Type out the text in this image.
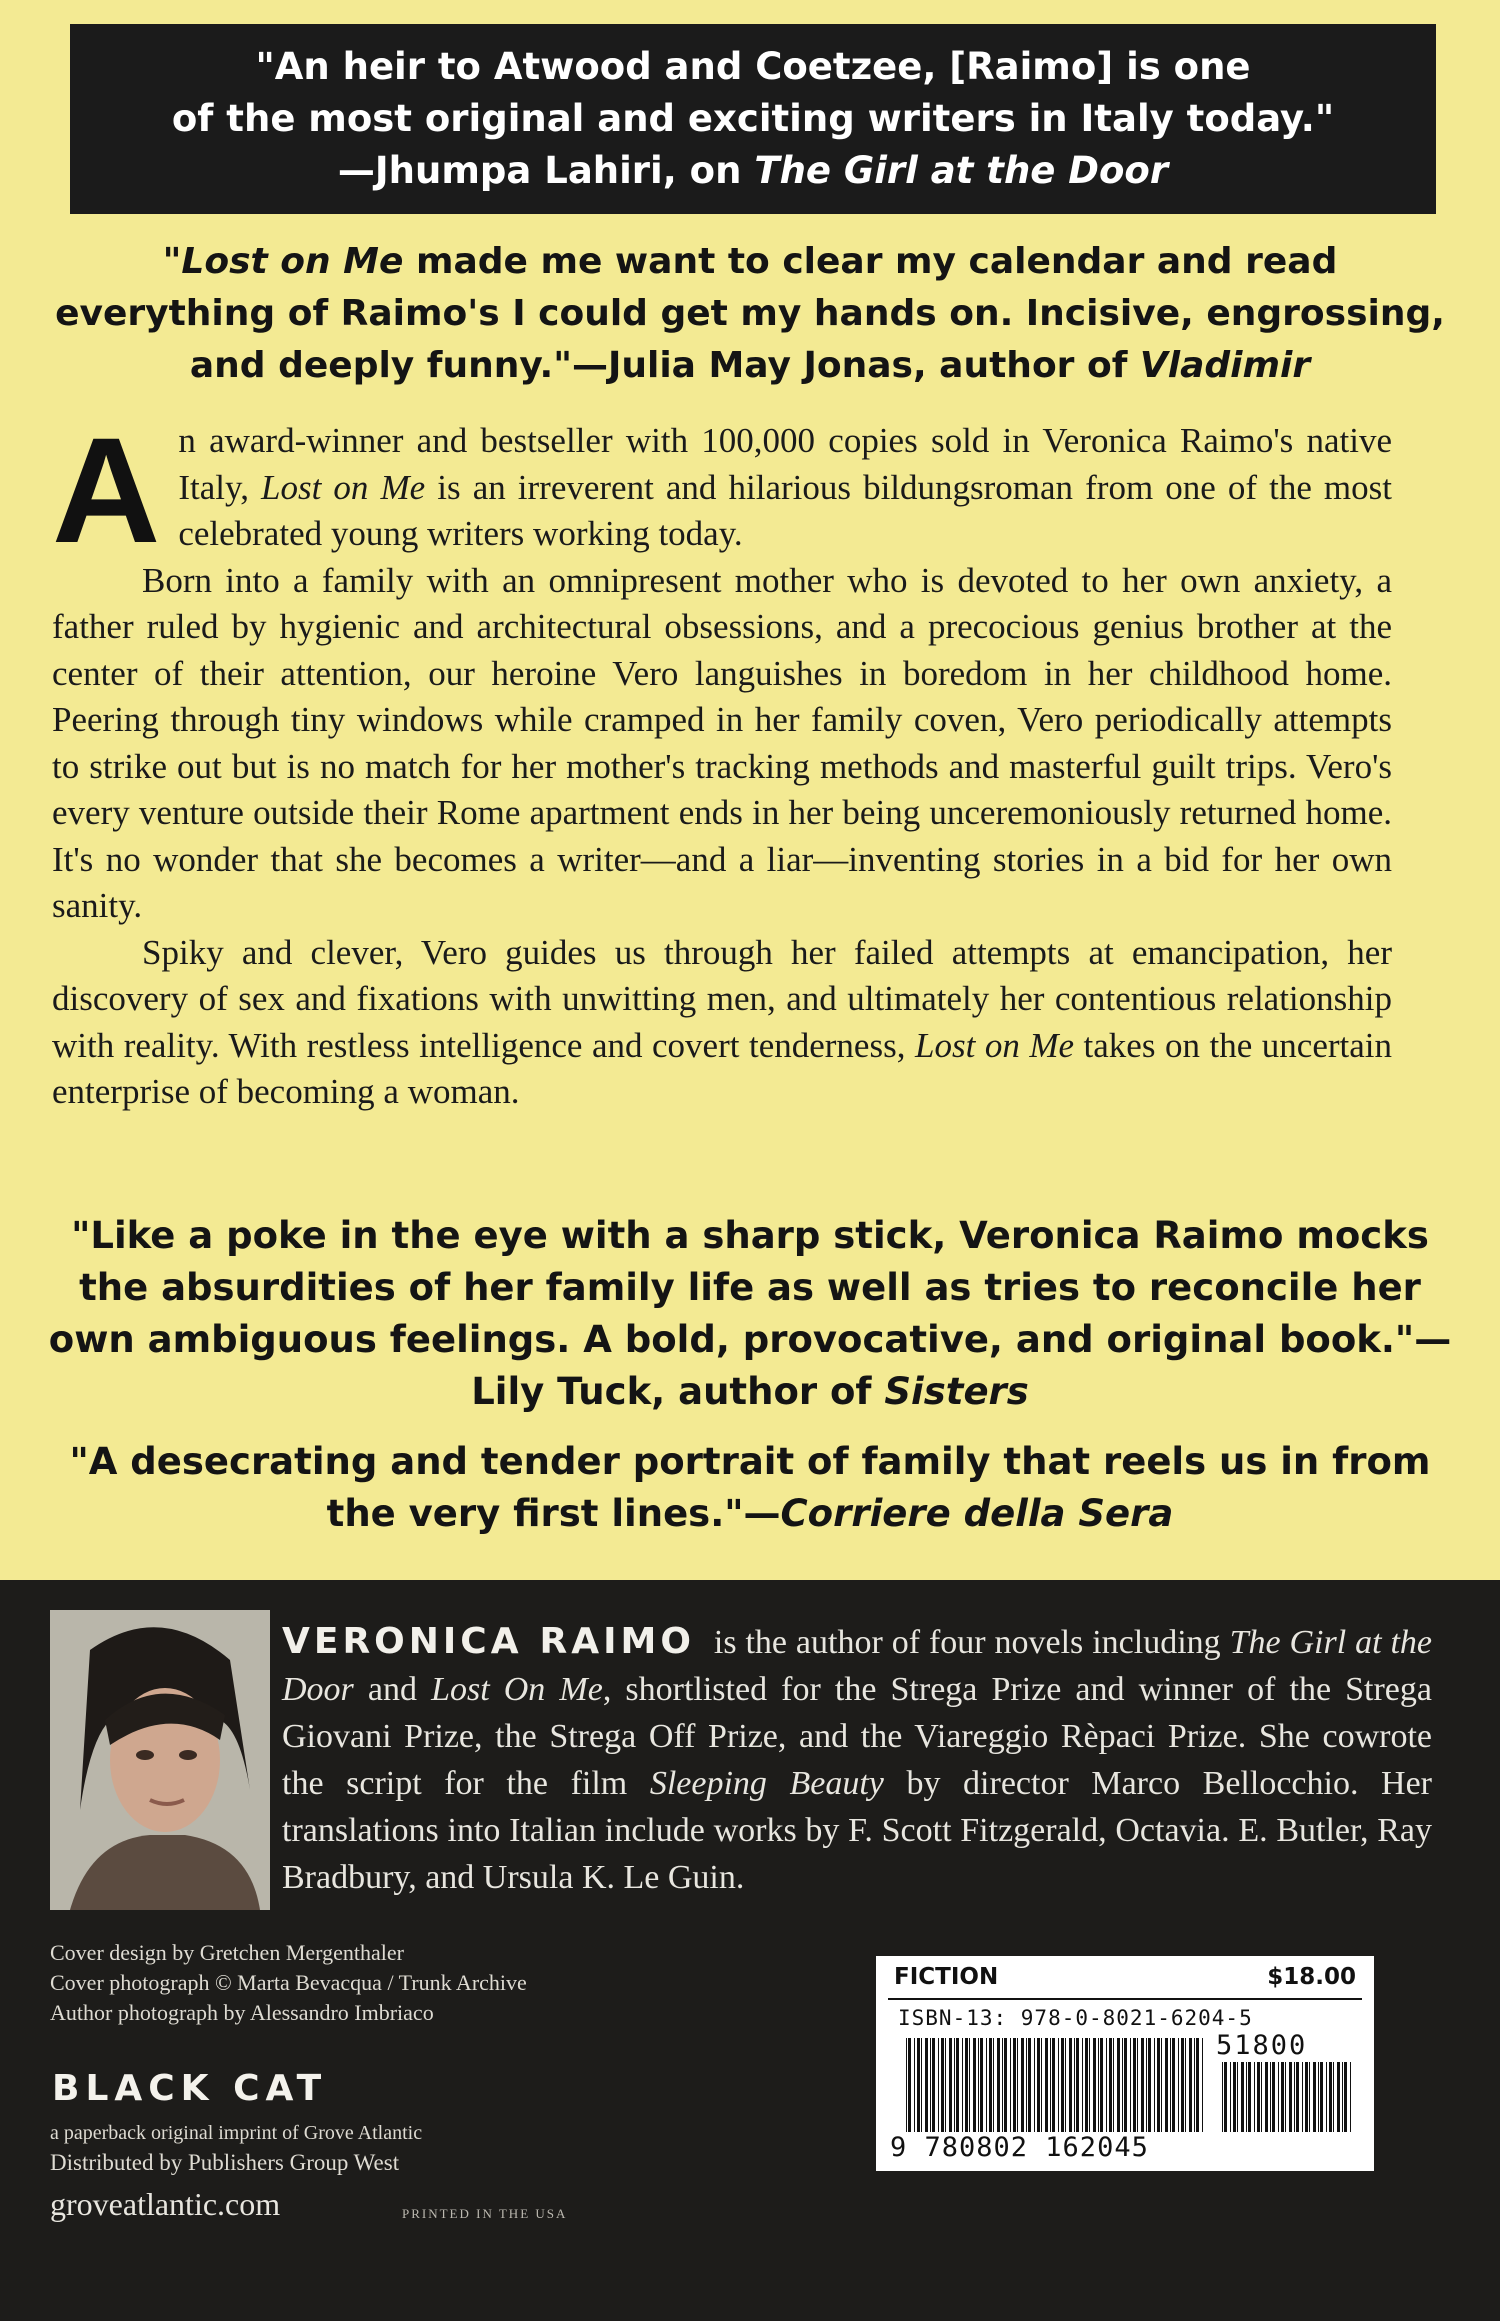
"An heir to Atwood and Coetzee, [Raimo] is one
of the most original and exciting writers in Italy today."
—Jhumpa Lahiri, on The Girl at the Door
"Lost on Me made me want to clear my calendar and read everything of Raimo's I could get my hands on. Incisive, engrossing, and deeply funny."—Julia May Jonas, author of Vladimir

An award-winner and bestseller with 100,000 copies sold in Veronica Raimo's native Italy, Lost on Me is an irreverent and hilarious bildungsroman from one of the most celebrated young writers working today.

Born into a family with an omnipresent mother who is devoted to her own anxiety, a father ruled by hygienic and architectural obsessions, and a precocious genius brother at the center of their attention, our heroine Vero languishes in boredom in her childhood home. Peering through tiny windows while cramped in her family coven, Vero periodically attempts to strike out but is no match for her mother's tracking methods and masterful guilt trips. Vero's every venture outside their Rome apartment ends in her being unceremoniously returned home. It's no wonder that she becomes a writer—and a liar—inventing stories in a bid for her own sanity.

Spiky and clever, Vero guides us through her failed attempts at emancipation, her discovery of sex and fixations with unwitting men, and ultimately her contentious relationship with reality. With restless intelligence and covert tenderness, Lost on Me takes on the uncertain enterprise of becoming a woman.

"Like a poke in the eye with a sharp stick, Veronica Raimo mocks the absurdities of her family life as well as tries to reconcile her own ambiguous feelings. A bold, provocative, and original book."—Lily Tuck, author of Sisters
"A desecrating and tender portrait of family that reels us in from the very first lines."—Corriere della Sera
VERONICA RAIMO is the author of four novels including The Girl at the Door and Lost On Me, shortlisted for the Strega Prize and winner of the Strega Giovani Prize, the Strega Off Prize, and the Viareggio Rèpaci Prize. She cowrote the script for the film Sleeping Beauty by director Marco Bellocchio. Her translations into Italian include works by F. Scott Fitzgerald, Octavia. E. Butler, Ray Bradbury, and Ursula K. Le Guin.
Cover design by Gretchen Mergenthaler
Cover photograph © Marta Bevacqua / Trunk Archive
Author photograph by Alessandro Imbriaco
BLACK CAT
a paperback original imprint of Grove Atlantic
Distributed by Publishers Group West
groveatlantic.com	PRINTED IN THE USA
FICTION	$18.00
ISBN-13: 978-0-8021-6204-5
51800
9 780802 162045
